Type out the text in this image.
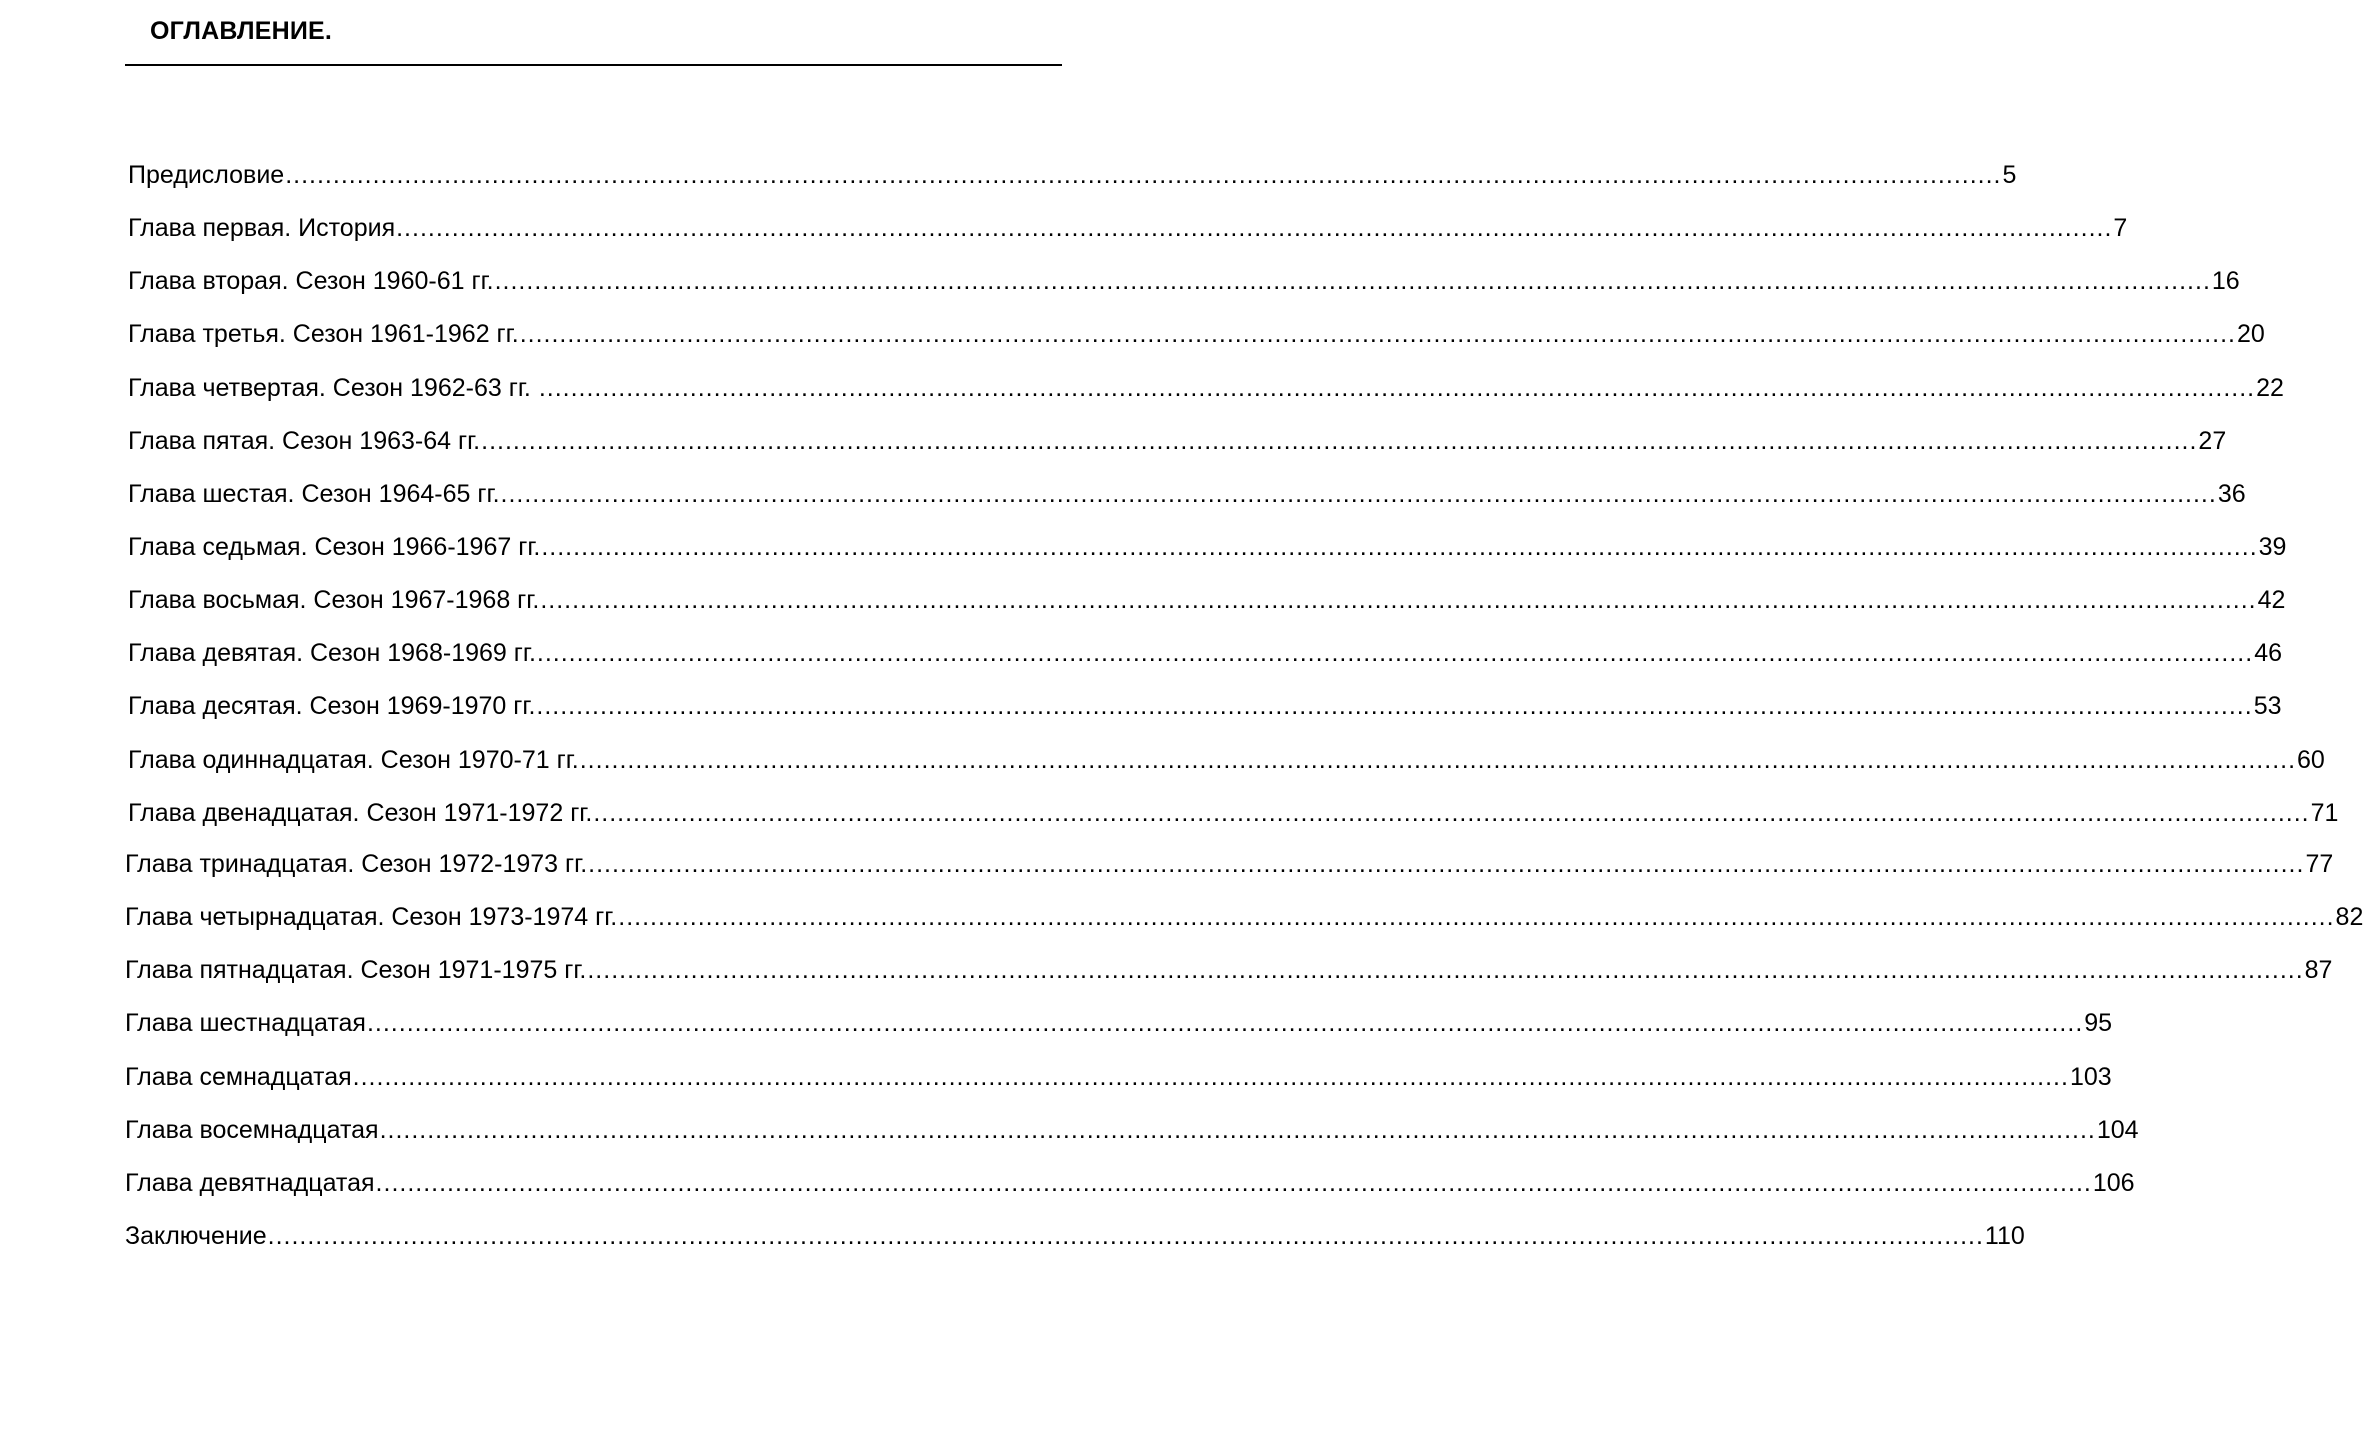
ОГЛАВЛЕНИЕ.
Предисловие ........................................................................................................................................................................................................................ 5
Глава первая. История ........................................................................................................................................................................................................................ 7
Глава вторая. Сезон 1960-61 гг. ........................................................................................................................................................................................................................ 16
Глава третья. Сезон 1961-1962 гг. ........................................................................................................................................................................................................................ 20
Глава четвертая. Сезон 1962-63 гг. ........................................................................................................................................................................................................................ 22
Глава пятая. Сезон 1963-64 гг. ........................................................................................................................................................................................................................ 27
Глава шестая. Сезон 1964-65 гг. ........................................................................................................................................................................................................................ 36
Глава седьмая. Сезон 1966-1967 гг. ........................................................................................................................................................................................................................ 39
Глава восьмая. Сезон 1967-1968 гг. ........................................................................................................................................................................................................................ 42
Глава девятая. Сезон 1968-1969 гг. ........................................................................................................................................................................................................................ 46
Глава десятая. Сезон 1969-1970 гг. ........................................................................................................................................................................................................................ 53
Глава одиннадцатая. Сезон 1970-71 гг. ........................................................................................................................................................................................................................ 60
Глава двенадцатая. Сезон 1971-1972 гг. ........................................................................................................................................................................................................................ 71
Глава тринадцатая. Сезон 1972-1973 гг. ........................................................................................................................................................................................................................ 77
Глава четырнадцатая. Сезон 1973-1974 гг. ........................................................................................................................................................................................................................ 82
Глава пятнадцатая. Сезон 1971-1975 гг. ........................................................................................................................................................................................................................ 87
Глава шестнадцатая ........................................................................................................................................................................................................................ 95
Глава семнадцатая ........................................................................................................................................................................................................................ 103
Глава восемнадцатая ........................................................................................................................................................................................................................ 104
Глава девятнадцатая ........................................................................................................................................................................................................................ 106
Заключение ........................................................................................................................................................................................................................ 110
